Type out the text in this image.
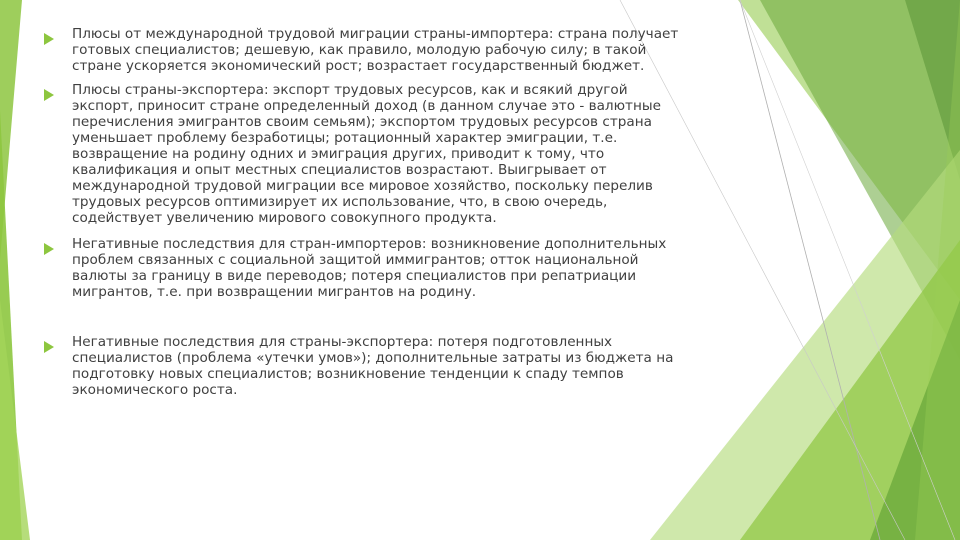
Плюсы от международной трудовой миграции страны-импортера: страна получает
готовых специалистов; дешевую, как правило, молодую рабочую силу; в такой
стране ускоряется экономический рост; возрастает государственный бюджет.
Плюсы страны-экспортера: экспорт трудовых ресурсов, как и всякий другой
экспорт, приносит стране определенный доход (в данном случае это - валютные
перечисления эмигрантов своим семьям); экспортом трудовых ресурсов страна
уменьшает проблему безработицы; ротационный характер эмиграции, т.е.
возвращение на родину одних и эмиграция других, приводит к тому, что
квалификация и опыт местных специалистов возрастают. Выигрывает от
международной трудовой миграции все мировое хозяйство, поскольку перелив
трудовых ресурсов оптимизирует их использование, что, в свою очередь,
содействует увеличению мирового совокупного продукта.
Негативные последствия для стран-импортеров: возникновение дополнительных
проблем связанных с социальной защитой иммигрантов; отток национальной
валюты за границу в виде переводов; потеря специалистов при репатриации
мигрантов, т.е. при возвращении мигрантов на родину.
Негативные последствия для страны-экспортера: потеря подготовленных
специалистов (проблема «утечки умов»); дополнительные затраты из бюджета на
подготовку новых специалистов; возникновение тенденции к спаду темпов
экономического роста.
